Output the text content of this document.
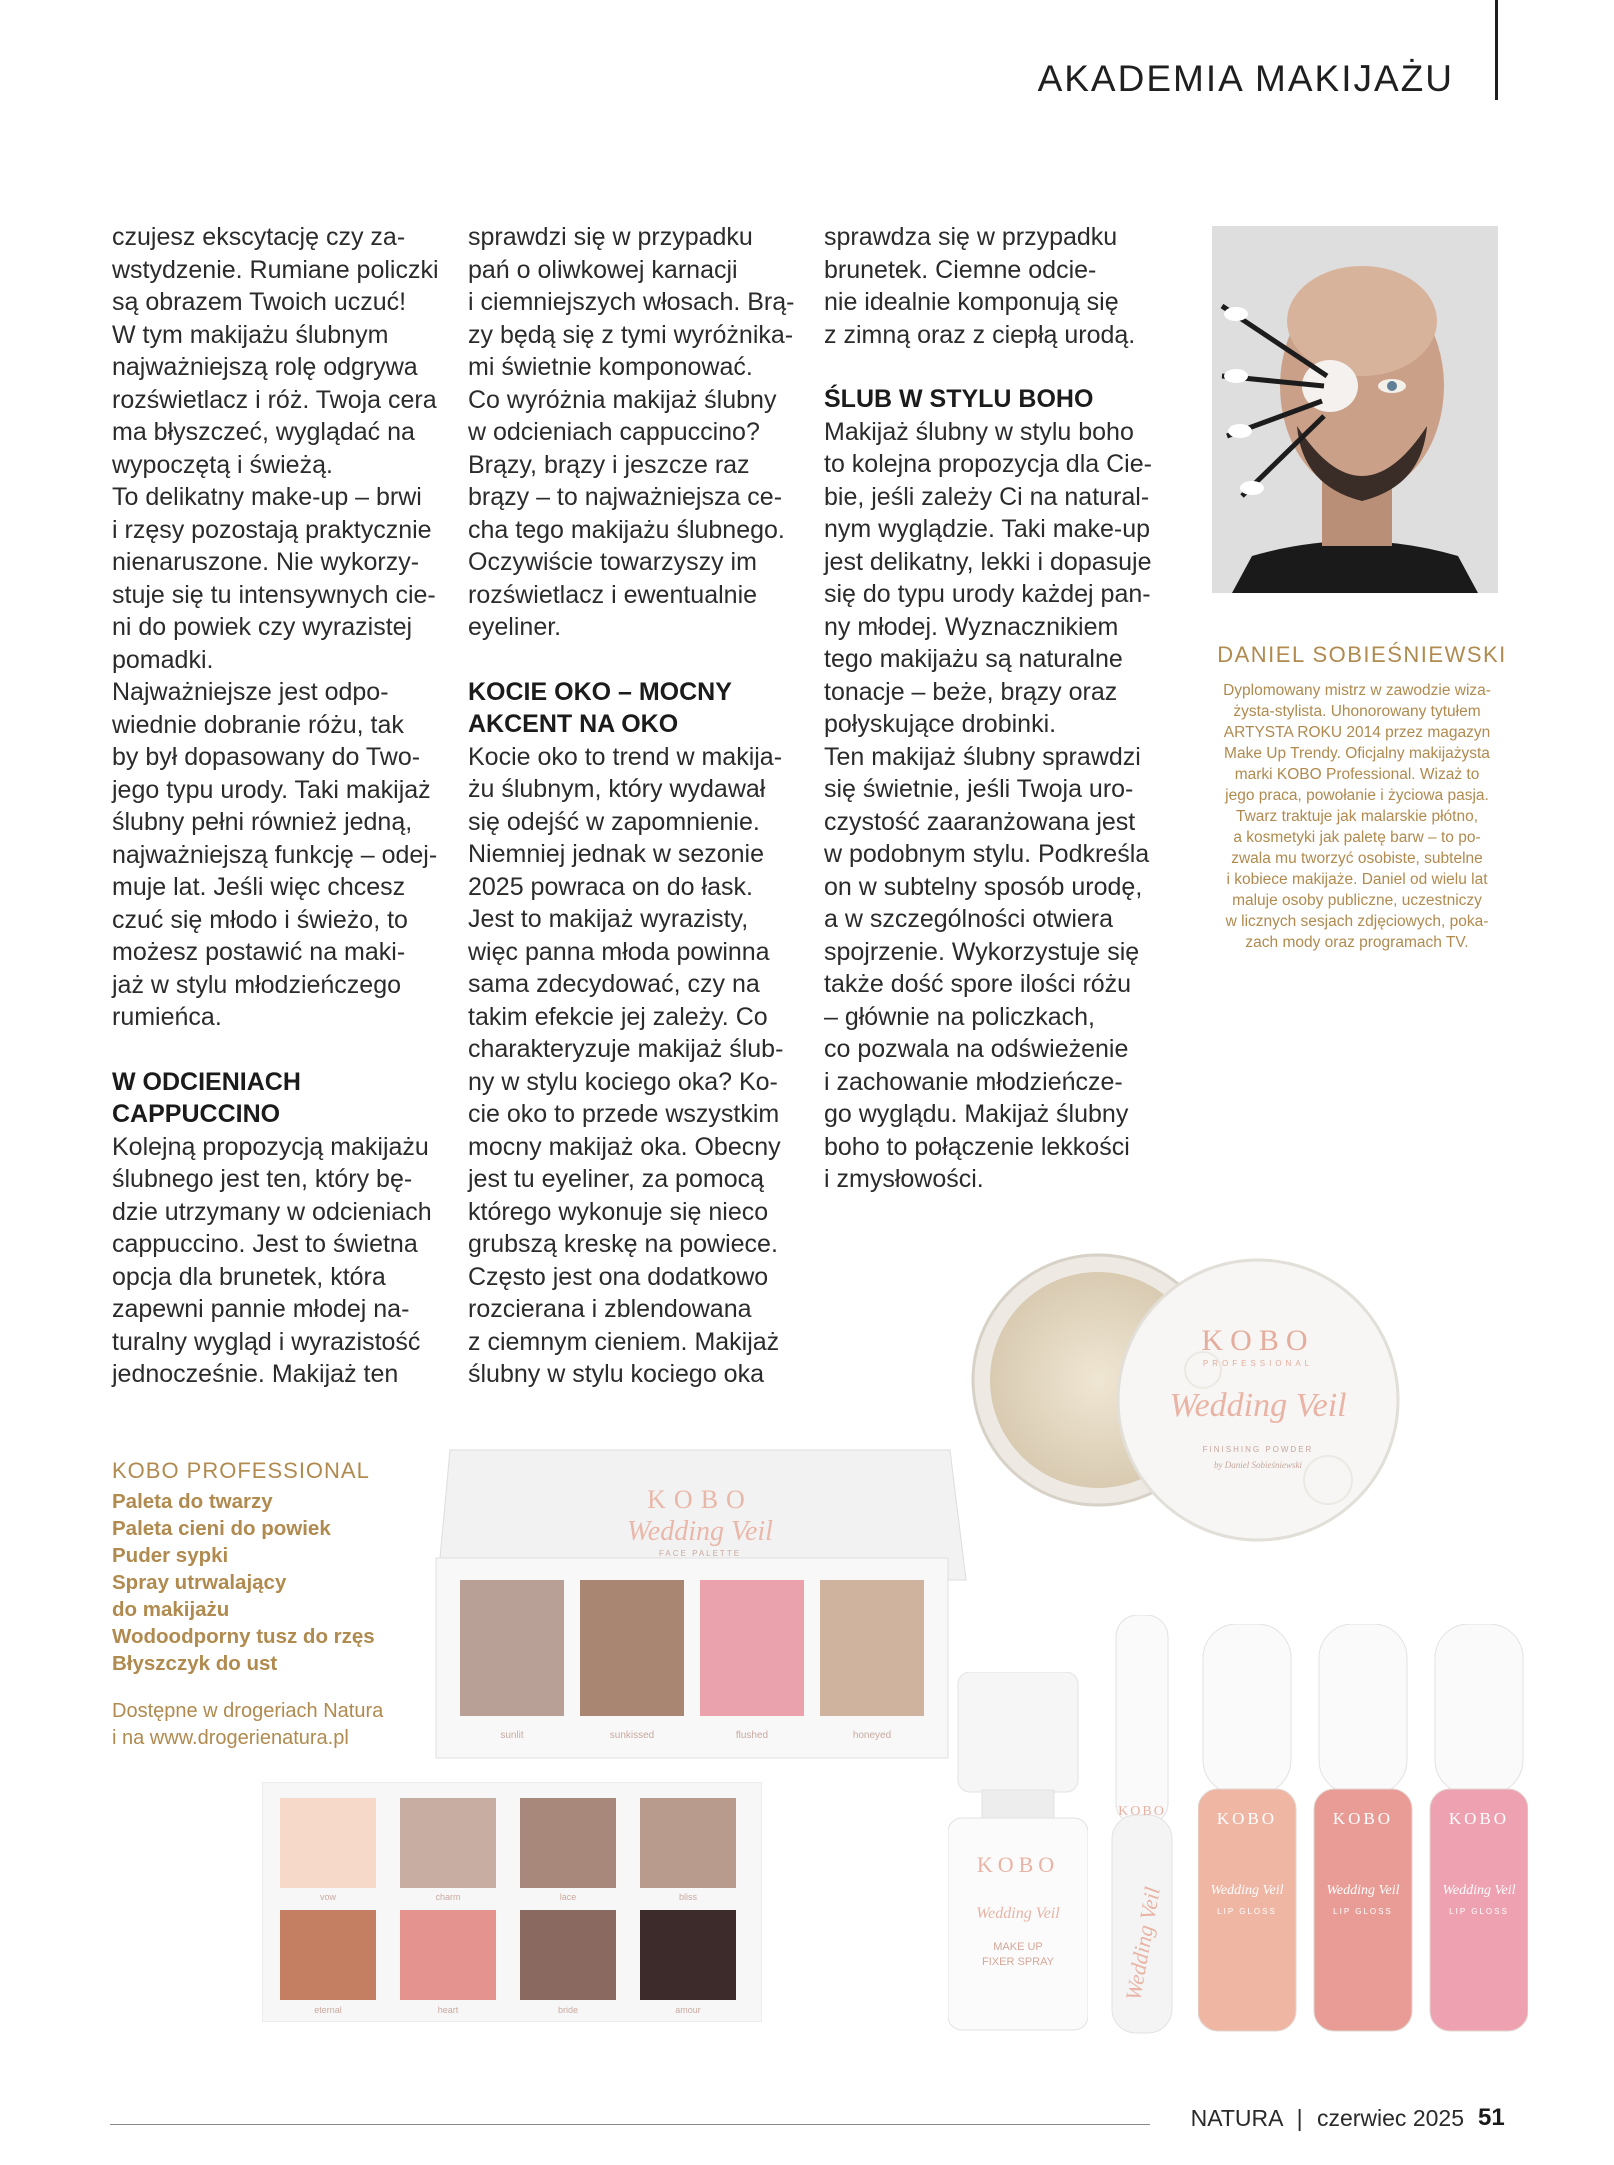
AKADEMIA MAKIJAŻU

czujesz ekscytację czy za-
wstydzenie. Rumiane policzki
są obrazem Twoich uczuć!
W tym makijażu ślubnym
najważniejszą rolę odgrywa
rozświetlacz i róż. Twoja cera
ma błyszczeć, wyglądać na
wypoczętą i świeżą.
To delikatny make-up – brwi
i rzęsy pozostają praktycznie
nienaruszone. Nie wykorzy-
stuje się tu intensywnych cie-
ni do powiek czy wyrazistej
pomadki.
Najważniejsze jest odpo-
wiednie dobranie różu, tak
by był dopasowany do Two-
jego typu urody. Taki makijaż
ślubny pełni również jedną,
najważniejszą funkcję – odej-
muje lat. Jeśli więc chcesz
czuć się młodo i świeżo, to
możesz postawić na maki-
jaż w stylu młodzieńczego
rumieńca.

W ODCIENIACH
CAPPUCCINO

Kolejną propozycją makijażu
ślubnego jest ten, który bę-
dzie utrzymany w odcieniach
cappuccino. Jest to świetna
opcja dla brunetek, która
zapewni pannie młodej na-
turalny wygląd i wyrazistość
jednocześnie. Makijaż ten

sprawdzi się w przypadku
pań o oliwkowej karnacji
i ciemniejszych włosach. Brą-
zy będą się z tymi wyróżnika-
mi świetnie komponować.
Co wyróżnia makijaż ślubny
w odcieniach cappuccino?
Brązy, brązy i jeszcze raz
brązy – to najważniejsza ce-
cha tego makijażu ślubnego.
Oczywiście towarzyszy im
rozświetlacz i ewentualnie
eyeliner.

KOCIE OKO – MOCNY
AKCENT NA OKO

Kocie oko to trend w makija-
żu ślubnym, który wydawał
się odejść w zapomnienie.
Niemniej jednak w sezonie
2025 powraca on do łask.
Jest to makijaż wyrazisty,
więc panna młoda powinna
sama zdecydować, czy na
takim efekcie jej zależy. Co
charakteryzuje makijaż ślub-
ny w stylu kociego oka? Ko-
cie oko to przede wszystkim
mocny makijaż oka. Obecny
jest tu eyeliner, za pomocą
którego wykonuje się nieco
grubszą kreskę na powiece.
Często jest ona dodatkowo
rozcierana i zblendowana
z ciemnym cieniem. Makijaż
ślubny w stylu kociego oka

sprawdza się w przypadku
brunetek. Ciemne odcie-
nie idealnie komponują się
z zimną oraz z ciepłą urodą.

ŚLUB W STYLU BOHO

Makijaż ślubny w stylu boho
to kolejna propozycja dla Cie-
bie, jeśli zależy Ci na natural-
nym wyglądzie. Taki make-up
jest delikatny, lekki i dopasuje
się do typu urody każdej pan-
ny młodej. Wyznacznikiem
tego makijażu są naturalne
tonacje – beże, brązy oraz
połyskujące drobinki.
Ten makijaż ślubny sprawdzi
się świetnie, jeśli Twoja uro-
czystość zaaranżowana jest
w podobnym stylu. Podkreśla
on w subtelny sposób urodę,
a w szczególności otwiera
spojrzenie. Wykorzystuje się
także dość spore ilości różu
– głównie na policzkach,
co pozwala na odświeżenie
i zachowanie młodzieńcze-
go wyglądu. Makijaż ślubny
boho to połączenie lekkości
i zmysłowości.

DANIEL SOBIEŚNIEWSKI
Dyplomowany mistrz w zawodzie wiza-
żysta-stylista. Uhonorowany tytułem
ARTYSTA ROKU 2014 przez magazyn
Make Up Trendy. Oficjalny makijażysta
marki KOBO Professional. Wizaż to
jego praca, powołanie i życiowa pasja.
Twarz traktuje jak malarskie płótno,
a kosmetyki jak paletę barw – to po-
zwala mu tworzyć osobiste, subtelne
i kobiece makijaże. Daniel od wielu lat
maluje osoby publiczne, uczestniczy
w licznych sesjach zdjęciowych, poka-
zach mody oraz programach TV.
KOBO PROFESSIONAL
Paleta do twarzy
Paleta cieni do powiek
Puder sypki
Spray utrwalający
do makijażu
Wodoodporny tusz do rzęs
Błyszczyk do ust
Dostępne w drogeriach Natura
i na www.drogerienatura.pl
KOBO
PROFESSIONAL
Wedding Veil
FINISHING POWDER
by Daniel Sobieśniewski
KOBO
Wedding Veil
FACE PALETTE
sunlit	sunkissed	flushed	honeyed
vow	charm	lace	bliss
eternal	heart	bride	amour
KOBO
Wedding Veil
MAKE UP
FIXER SPRAY
KOBO
Wedding Veil
KOBO
Wedding Veil
LIP GLOSS
KOBO
Wedding Veil
LIP GLOSS
KOBO
Wedding Veil
LIP GLOSS
NATURA | czerwiec 2025 51
